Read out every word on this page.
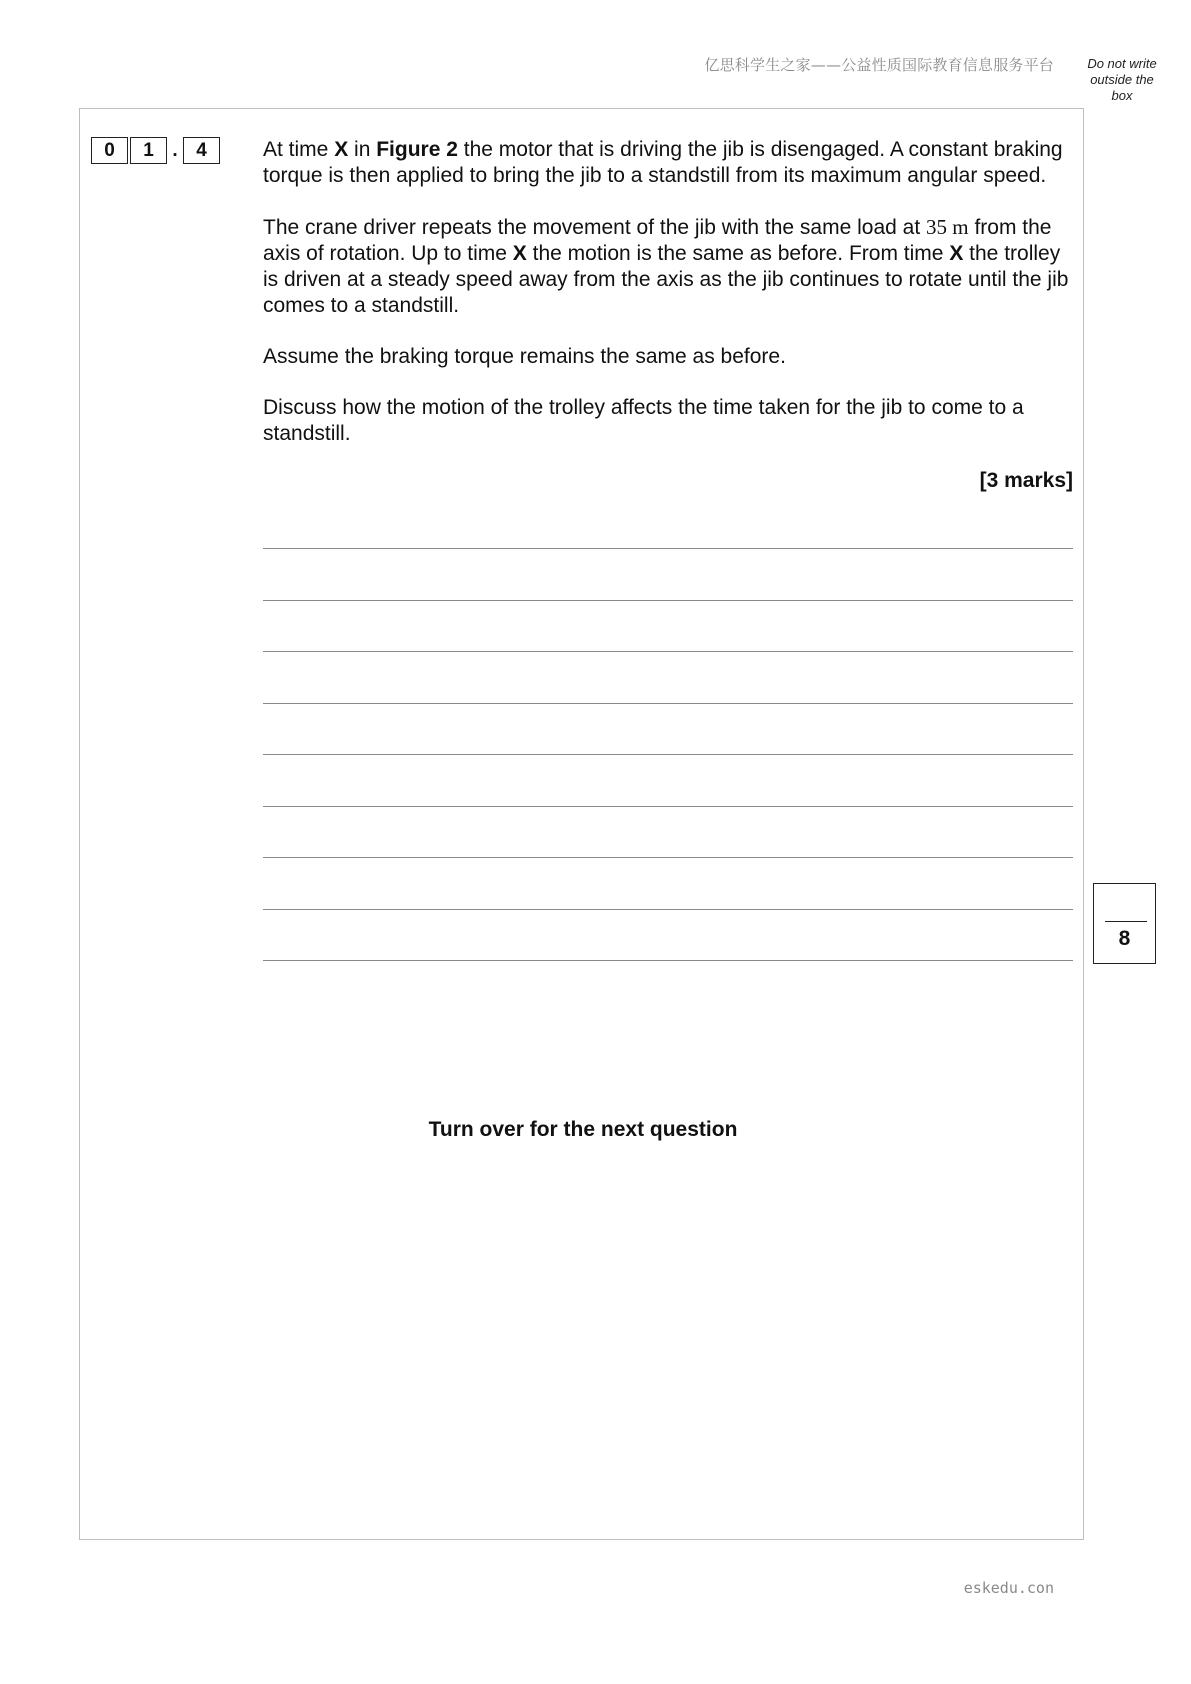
亿思科学生之家——公益性质国际教育信息服务平台	Do not write outside the box
0	1 . 4	At time X in Figure 2 the motor that is driving the jib is disengaged. A constant braking torque is then applied to bring the jib to a standstill from its maximum angular speed.

The crane driver repeats the movement of the jib with the same load at 35 m from the axis of rotation. Up to time X the motion is the same as before. From time X the trolley is driven at a steady speed away from the axis as the jib continues to rotate until the jib comes to a standstill.

Assume the braking torque remains the same as before.

Discuss how the motion of the trolley affects the time taken for the jib to come to a standstill.

[3 marks]
8
Turn over for the next question
eskedu.con
